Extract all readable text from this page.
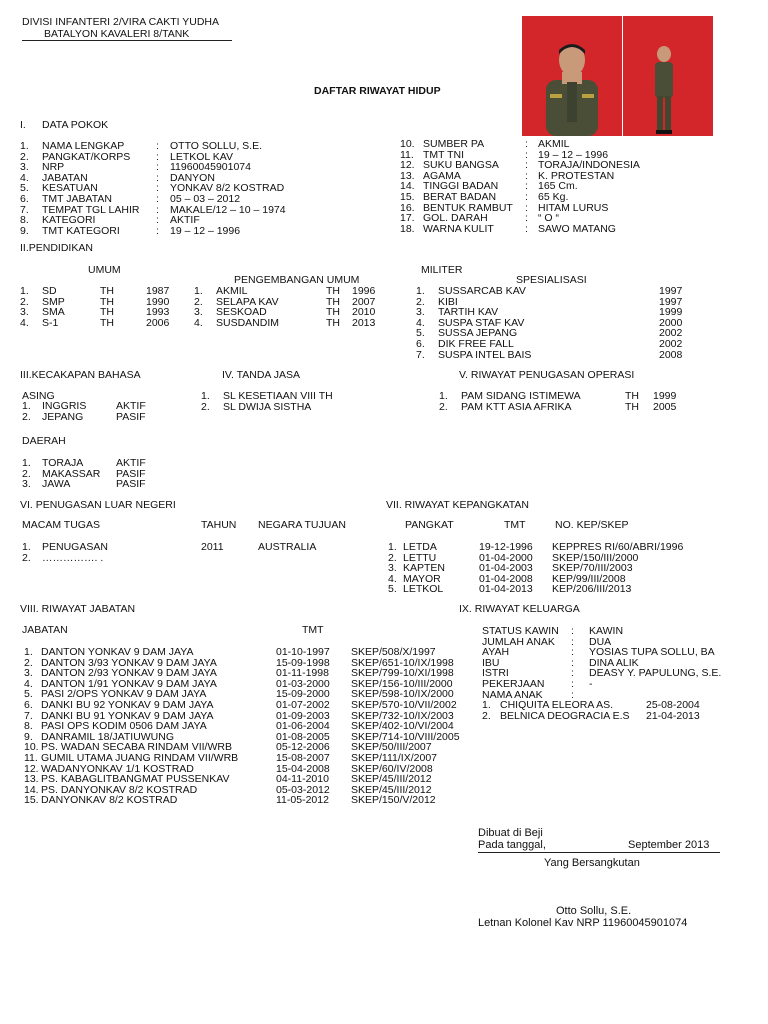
DIVISI INFANTERI 2/VIRA CAKTI YUDHA
BATALYON KAVALERI 8/TANK
DAFTAR RIWAYAT HIDUP
I. DATA POKOK
1. NAMA LENGKAP	: OTTO SOLLU, S.E.
2. PANGKAT/KORPS : LETKOL KAV
3. NRP	: 11960045901074
4. JABATAN	: DANYON
5. KESATUAN	: YONKAV 8/2 KOSTRAD
6. TMT JABATAN	: 05 – 03 – 2012
7. TEMPAT TGL LAHIR : MAKALE/12 – 10 – 1974
8. KATEGORI	: AKTIF
9. TMT KATEGORI	: 19 – 12 – 1996
10. SUMBER PA	: AKMIL
11. TMT TNI	: 19 – 12 – 1996
12. SUKU BANGSA : TORAJA/INDONESIA
13. AGAMA	: K. PROTESTAN
14. TINGGI BADAN	: 165 Cm.
15. BERAT BADAN	: 65 Kg.
16. BENTUK RAMBUT : HITAM LURUS
17. GOL. DARAH	: “ O “
18. WARNA KULIT	: SAWO MATANG
II.PENDIDIKAN
UMUM
PENGEMBANGAN UMUM
MILITER
SPESIALISASI
1. SD	TH	1987
2. SMP	TH	1990
3. SMA	TH	1993
4. S-1	TH	2006
1. AKMIL	TH 1996
2. SELAPA KAV	TH 2007
3. SESKOAD	TH 2010
4. SUSDANDIM	TH 2013
1. SUSSARCAB KAV	1997
2. KIBI	1997
3. TARTIH KAV	1999
4. SUSPA STAF KAV	2000
5. SUSSA JEPANG	2002
6. DIK FREE FALL	2002
7. SUSPA INTEL BAIS	2008
III.KECAKAPAN BAHASA	IV. TANDA JASA	V. RIWAYAT PENUGASAN OPERASI
ASING
1. INGGRIS	AKTIF
2. JEPANG	PASIF
DAERAH
1. TORAJA	AKTIF
2. MAKASSAR PASIF
3. JAWA	PASIF
1. SL KESETIAAN VIII TH
2. SL DWIJA SISTHA
1. PAM SIDANG ISTIMEWA	TH 1999
2. PAM KTT ASIA AFRIKA	TH 2005
VI. PENUGASAN LUAR NEGERI	VII. RIWAYAT KEPANGKATAN
MACAM TUGAS	TAHUN NEGARA TUJUAN
1. PENUGASAN	2011	AUSTRALIA
2. ……………. .
PANGKAT	TMT	NO. KEP/SKEP
1. LETDA	19-12-1996 KEPPRES RI/60/ABRI/1996
2. LETTU	01-04-2000 SKEP/150/III/2000
3. KAPTEN	01-04-2003 SKEP/70/III/2003
4. MAYOR	01-04-2008 KEP/99/III/2008
5. LETKOL	01-04-2013 KEP/206/III/2013
VIII. RIWAYAT JABATAN	IX. RIWAYAT KELUARGA
JABATAN	TMT
1. DANTON YONKAV 9 DAM JAYA	01-10-1997 SKEP/508/X/1997
2. DANTON 3/93 YONKAV 9 DAM JAYA	15-09-1998 SKEP/651-10/IX/1998
3. DANTON 2/93 YONKAV 9 DAM JAYA	01-11-1998 SKEP/799-10/XI/1998
4. DANTON 1/91 YONKAV 9 DAM JAYA	01-03-2000 SKEP/156-10/III/2000
5. PASI 2/OPS YONKAV 9 DAM JAYA	15-09-2000 SKEP/598-10/IX/2000
6. DANKI BU 92 YONKAV 9 DAM JAYA	01-07-2002 SKEP/570-10/VII/2002
7. DANKI BU 91 YONKAV 9 DAM JAYA	01-09-2003 SKEP/732-10/IX/2003
8. PASI OPS KODIM 0506 DAM JAYA	01-06-2004 SKEP/402-10/VI/2004
9. DANRAMIL 18/JATIUWUNG	01-08-2005 SKEP/714-10/VIII/2005
10. PS. WADAN SECABA RINDAM VII/WRB	05-12-2006 SKEP/50/III/2007
11. GUMIL UTAMA JUANG RINDAM VII/WRB	15-08-2007 SKEP/111/IX/2007
12. WADANYONKAV 1/1 KOSTRAD	15-04-2008 SKEP/60/IV/2008
13. PS. KABAGLITBANGMAT PUSSENKAV	04-11-2010 SKEP/45/III/2012
14. PS. DANYONKAV 8/2 KOSTRAD	05-03-2012 SKEP/45/III/2012
15. DANYONKAV 8/2 KOSTRAD	11-05-2012 SKEP/150/V/2012
STATUS KAWIN : KAWIN
JUMLAH ANAK : DUA
AYAH	: YOSIAS TUPA SOLLU, BA
IBU	: DINA ALIK
ISTRI	: DEASY Y. PAPULUNG, S.E.
PEKERJAAN	: -
NAMA ANAK	:
1. CHIQUITA ELEORA AS.	25-08-2004
2. BELNICA DEOGRACIA E.S 21-04-2013
Dibuat di Beji
Pada tanggal,	September 2013
Yang Bersangkutan
Otto Sollu, S.E.
Letnan Kolonel Kav NRP 11960045901074
